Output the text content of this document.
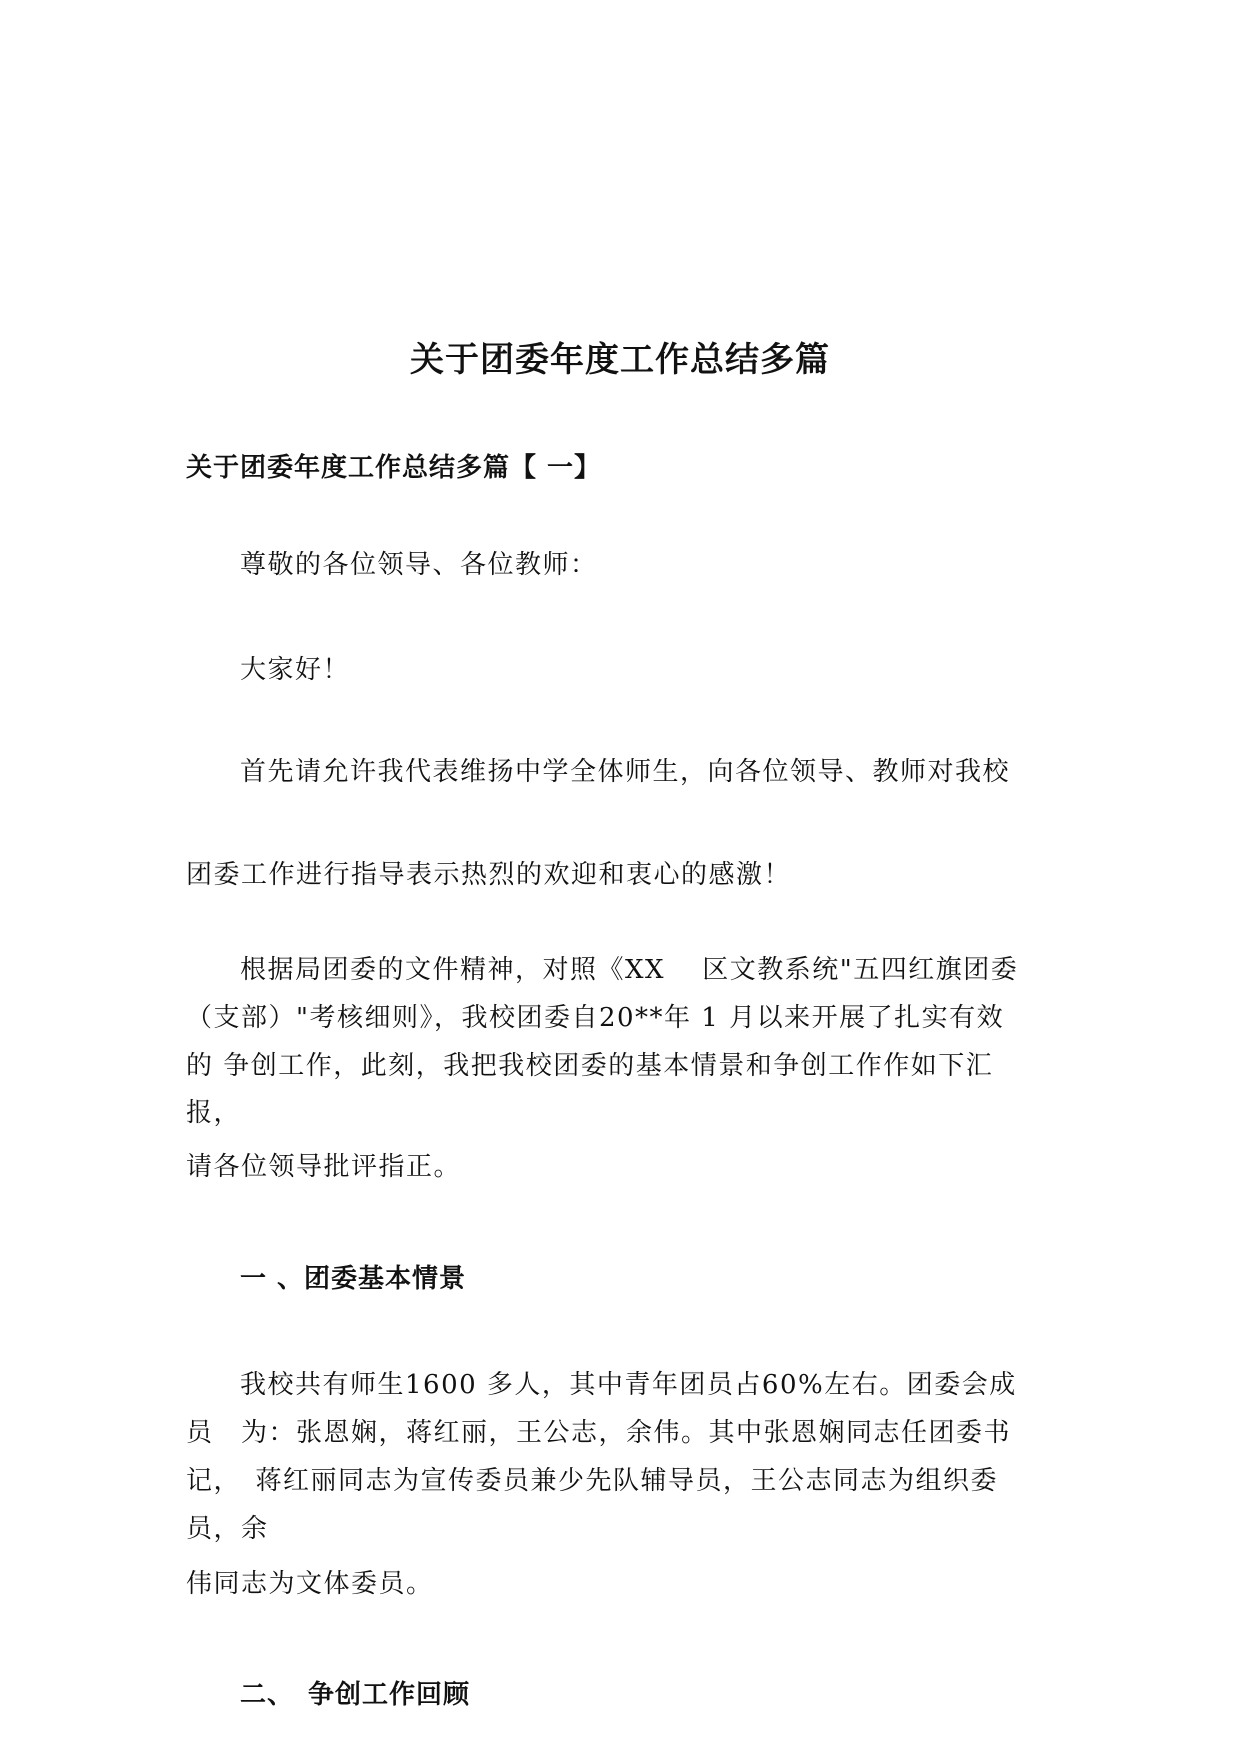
关于团委年度工作总结多篇
关于团委年度工作总结多篇【 一】
尊敬的各位领导、各位教师：
大家好！
首先请允许我代表维扬中学全体师生，向各位领导、教师对我校
团委工作进行指导表示热烈的欢迎和衷心的感激！
根据局团委的文件精神，对照《XX　 区文教系统"五四红旗团委
（支部）"考核细则》，我校团委自20**年 1 月以来开展了扎实有效
的 争创工作，此刻，我把我校团委的基本情景和争创工作作如下汇
报，
请各位领导批评指正。
一 、团委基本情景
我校共有师生1600 多人，其中青年团员占60%左右。团委会成
员　为：张恩娴，蒋红丽，王公志，余伟。其中张恩娴同志任团委书
记，　蒋红丽同志为宣传委员兼少先队辅导员，王公志同志为组织委
员，余
伟同志为文体委员。
二、　争创工作回顾
